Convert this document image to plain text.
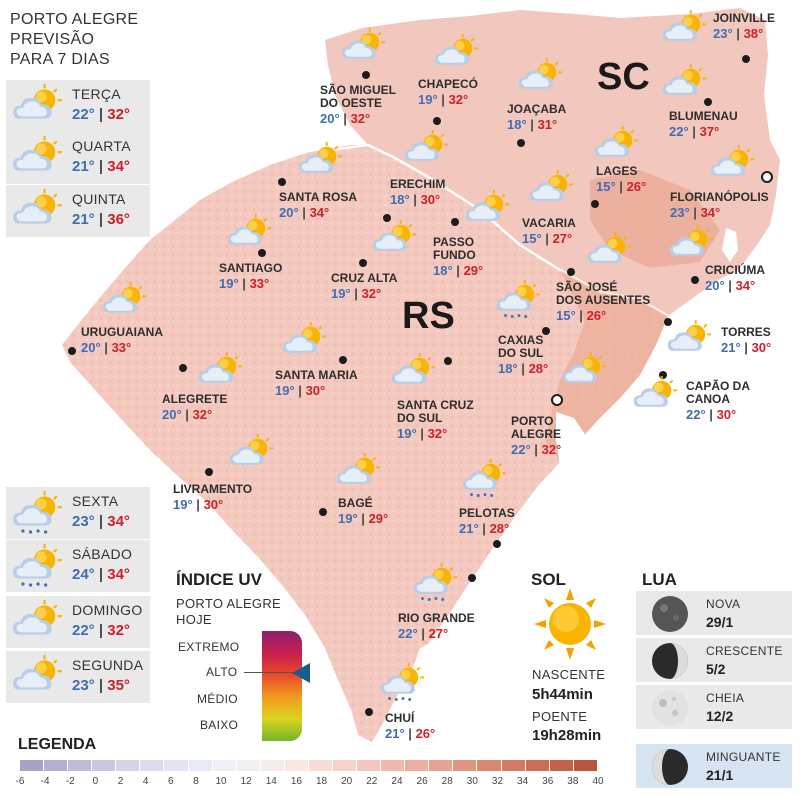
RS
SC
PORTO ALEGRE
PREVISÃO
PARA 7 DIAS
TERÇA
22° | 32°
QUARTA
21° | 34°
QUINTA
21° | 36°
SEXTA
23° | 34°
SÁBADO
24° | 34°
DOMINGO
22° | 32°
SEGUNDA
23° | 35°
JOINVILLE
23° | 38°
SÃO MIGUEL
DO OESTE
20° | 32°
CHAPECÓ
19° | 32°
JOAÇABA
18° | 31°
BLUMENAU
22° | 37°
LAGES
15° | 26°
FLORIANÓPOLIS
23° | 34°
SANTA ROSA
20° | 34°
ERECHIM
18° | 30°
VACARIA
15° | 27°
SANTIAGO
19° | 33°	CRUZ ALTA
19° | 32°
PASSO
FUNDO
18° | 29°
SÃO JOSÉ
DOS AUSENTES
15° | 26°
CRICIÚMA
20° | 34°
URUGUAIANA
20° | 33°	CAXIAS
DO SUL
18° | 28°
TORRES
21° | 30°
SANTA MARIA
19° | 30°
ALEGRETE
20° | 32°
CAPÃO DA
CANOA
22° | 30°
SANTA CRUZ
DO SUL
19° | 32°
PORTO
ALEGRE
22° | 32°
LIVRAMENTO
19° | 30°	BAGÉ
19° | 29°	PELOTAS
21° | 28°
RIO GRANDE
22° | 27°
CHUÍ
21° | 26°
ÍNDICE UV
PORTO ALEGRE
HOJE
EXTREMO
ALTO
MÉDIO
BAIXO
SOL
NASCENTE
5h44min
POENTE
19h28min
LUA
NOVA
29/1
CRESCENTE
5/2
CHEIA
12/2
MINGUANTE
21/1
LEGENDA
-6	-4	-2	0	2	4	6	8	10	12	14	16	18	20	22	24	26	28	30	32	34	36	38	40
